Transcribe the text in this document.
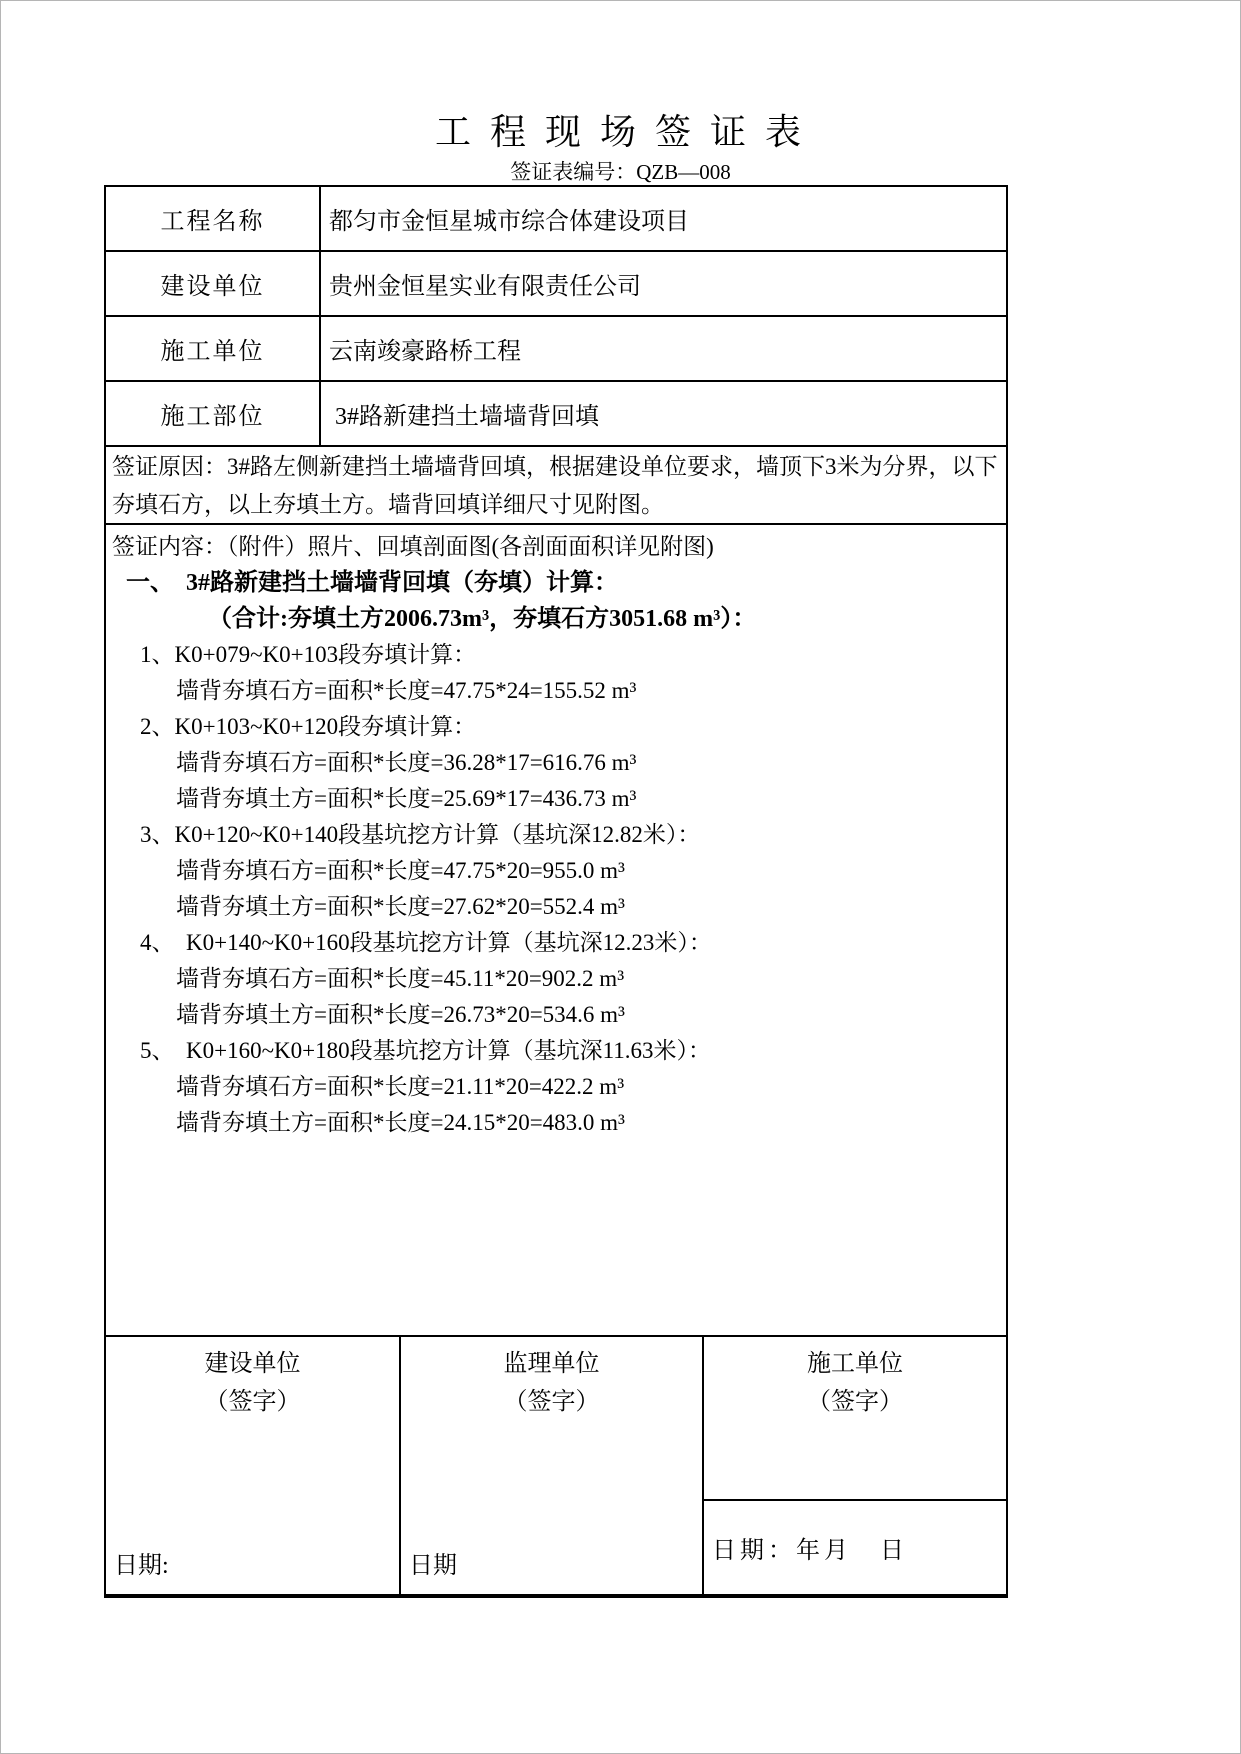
工 程 现 场 签 证 表
签证表编号：QZB—008
工程名称	都匀市金恒星城市综合体建设项目
建设单位	贵州金恒星实业有限责任公司
施工单位	云南竣豪路桥工程
施工部位	3#路新建挡土墙墙背回填
签证原因：3#路左侧新建挡土墙墙背回填，根据建设单位要求，墙顶下3米为分界，以下夯填石方，以上夯填土方。墙背回填详细尺寸见附图。
签证内容：（附件）照片、回填剖面图(各剖面面积详见附图)
一、　3#路新建挡土墙墙背回填（夯填）计算：
（合计:夯填土方2006.73m³，夯填石方3051.68 m³）：
1、K0+079~K0+103段夯填计算：
墙背夯填石方=面积*长度=47.75*24=155.52 m³
2、K0+103~K0+120段夯填计算：
墙背夯填石方=面积*长度=36.28*17=616.76 m³
墙背夯填土方=面积*长度=25.69*17=436.73 m³
3、K0+120~K0+140段基坑挖方计算（基坑深12.82米）：
墙背夯填石方=面积*长度=47.75*20=955.0 m³
墙背夯填土方=面积*长度=27.62*20=552.4 m³
4、　K0+140~K0+160段基坑挖方计算（基坑深12.23米）：
墙背夯填石方=面积*长度=45.11*20=902.2 m³
墙背夯填土方=面积*长度=26.73*20=534.6 m³
5、　K0+160~K0+180段基坑挖方计算（基坑深11.63米）：
墙背夯填石方=面积*长度=21.11*20=422.2 m³
墙背夯填土方=面积*长度=24.15*20=483.0 m³
建设单位
（签字）
日期:
监理单位
（签字）
日期
施工单位
（签字）
日期：年月　日
